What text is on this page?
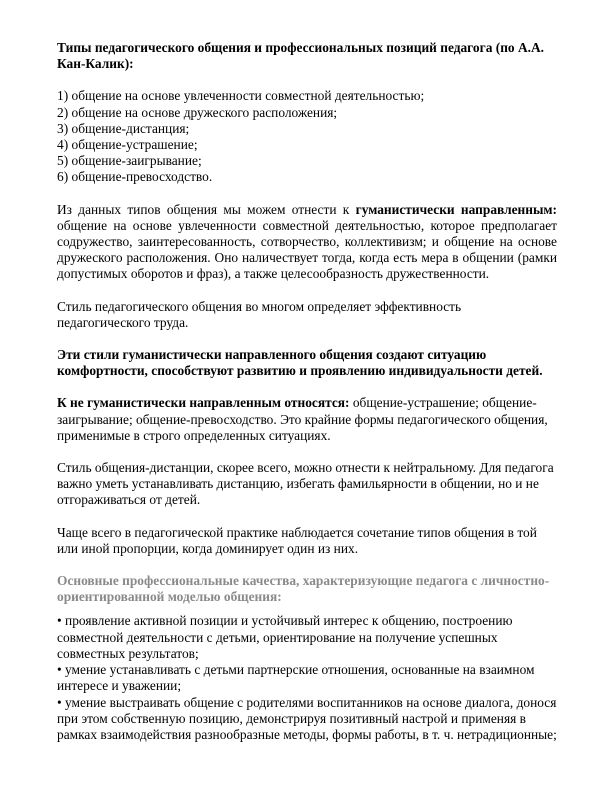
Типы педагогического общения и профессиональных позиций педагога (по А.А. Кан-Калик):
1) общение на основе увлеченности совместной деятельностью;
2) общение на основе дружеского расположения;
3) общение-дистанция;
4) общение-устрашение;
5) общение-заигрывание;
6) общение-превосходство.

Из данных типов общения мы можем отнести к гуманистически направленным: общение на основе увлеченности совместной деятельностью, которое предполагает содружество, заинтересованность, сотворчество, коллективизм; и общение на основе дружеского расположения. Оно наличествует тогда, когда есть мера в общении (рамки допустимых оборотов и фраз), а также целесообразность дружественности.

Стиль педагогического общения во многом определяет эффективность педагогического труда.

Эти стили гуманистически направленного общения создают ситуацию комфортности, способствуют развитию и проявлению индивидуальности детей.

К не гуманистически направленным относятся: общение-устрашение; общение-заигрывание; общение-превосходство. Это крайние формы педагогического общения, применимые в строго определенных ситуациях.

Стиль общения-дистанции, скорее всего, можно отнести к нейтральному. Для педагога важно уметь устанавливать дистанцию, избегать фамильярности в общении, но и не отгораживаться от детей.

Чаще всего в педагогической практике наблюдается сочетание типов общения в той или иной пропорции, когда доминирует один из них.

Основные профессиональные качества, характеризующие педагога с личностно-ориентированной моделью общения:
• проявление активной позиции и устойчивый интерес к общению, построению совместной деятельности с детьми, ориентирование на получение успешных совместных результатов;
• умение устанавливать с детьми партнерские отношения, основанные на взаимном интересе и уважении;
• умение выстраивать общение с родителями воспитанников на основе диалога, донося при этом собственную позицию, демонстрируя позитивный настрой и применяя в рамках взаимодействия разнообразные методы, формы работы, в т. ч. нетрадиционные;
